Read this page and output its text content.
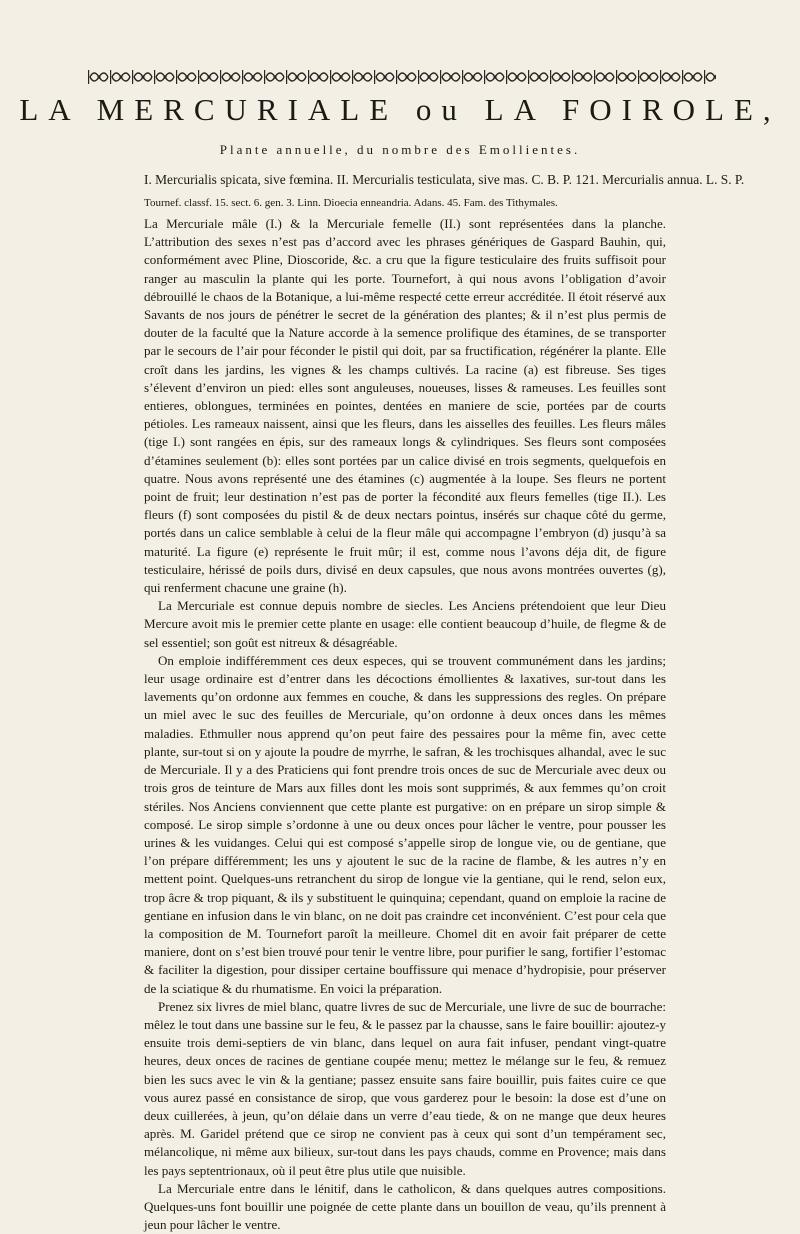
LA MERCURIALE ou LA FOIROLE,
Plante annuelle, du nombre des Emollientes.
I. Mercurialis spicata, sive fœmina. II. Mercurialis testiculata, sive mas. C. B. P. 121. Mercurialis annua. L. S. P.
Tournef. classf. 15. sect. 6. gen. 3. Linn. Dioecia enneandria. Adans. 45. Fam. des Tithymales.

La Mercuriale mâle (I.) & la Mercuriale femelle (II.) sont représentées dans la planche. L’attribution des sexes n’est pas d’accord avec les phrases génériques de Gaspard Bauhin, qui, conformément avec Pline, Dioscoride, &c. a cru que la figure testiculaire des fruits suffisoit pour ranger au masculin la plante qui les porte. Tournefort, à qui nous avons l’obligation d’avoir débrouillé le chaos de la Botanique, a lui-même respecté cette erreur accréditée. Il étoit réservé aux Savants de nos jours de pénétrer le secret de la génération des plantes; & il n’est plus permis de douter de la faculté que la Nature accorde à la semence prolifique des étamines, de se transporter par le secours de l’air pour féconder le pistil qui doit, par sa fructification, régénérer la plante. Elle croît dans les jardins, les vignes & les champs cultivés. La racine (a) est fibreuse. Ses tiges s’élevent d’environ un pied: elles sont anguleuses, noueuses, lisses & rameuses. Les feuilles sont entieres, oblongues, terminées en pointes, dentées en maniere de scie, portées par de courts pétioles. Les rameaux naissent, ainsi que les fleurs, dans les aisselles des feuilles. Les fleurs mâles (tige I.) sont rangées en épis, sur des rameaux longs & cylindriques. Ses fleurs sont composées d’étamines seulement (b): elles sont portées par un calice divisé en trois segments, quelquefois en quatre. Nous avons représenté une des étamines (c) augmentée à la loupe. Ses fleurs ne portent point de fruit; leur destination n’est pas de porter la fécondité aux fleurs femelles (tige II.). Les fleurs (f) sont composées du pistil & de deux nectars pointus, insérés sur chaque côté du germe, portés dans un calice semblable à celui de la fleur mâle qui accompagne l’embryon (d) jusqu’à sa maturité. La figure (e) représente le fruit mûr; il est, comme nous l’avons déja dit, de figure testiculaire, hérissé de poils durs, divisé en deux capsules, que nous avons montrées ouvertes (g), qui renferment chacune une graine (h).

La Mercuriale est connue depuis nombre de siecles. Les Anciens prétendoient que leur Dieu Mercure avoit mis le premier cette plante en usage: elle contient beaucoup d’huile, de flegme & de sel essentiel; son goût est nitreux & désagréable.

On emploie indifféremment ces deux especes, qui se trouvent communément dans les jardins; leur usage ordinaire est d’entrer dans les décoctions émollientes & laxatives, sur-tout dans les lavements qu’on ordonne aux femmes en couche, & dans les suppressions des regles. On prépare un miel avec le suc des feuilles de Mercuriale, qu’on ordonne à deux onces dans les mêmes maladies. Ethmuller nous apprend qu’on peut faire des pessaires pour la même fin, avec cette plante, sur-tout si on y ajoute la poudre de myrrhe, le safran, & les trochisques alhandal, avec le suc de Mercuriale. Il y a des Praticiens qui font prendre trois onces de suc de Mercuriale avec deux ou trois gros de teinture de Mars aux filles dont les mois sont supprimés, & aux femmes qu’on croit stériles. Nos Anciens conviennent que cette plante est purgative: on en prépare un sirop simple & composé. Le sirop simple s’ordonne à une ou deux onces pour lâcher le ventre, pour pousser les urines & les vuidanges. Celui qui est composé s’appelle sirop de longue vie, ou de gentiane, que l’on prépare différemment; les uns y ajoutent le suc de la racine de flambe, & les autres n’y en mettent point. Quelques-uns retranchent du sirop de longue vie la gentiane, qui le rend, selon eux, trop âcre & trop piquant, & ils y substituent le quinquina; cependant, quand on emploie la racine de gentiane en infusion dans le vin blanc, on ne doit pas craindre cet inconvénient. C’est pour cela que la composition de M. Tournefort paroît la meilleure. Chomel dit en avoir fait préparer de cette maniere, dont on s’est bien trouvé pour tenir le ventre libre, pour purifier le sang, fortifier l’estomac & faciliter la digestion, pour dissiper certaine bouffissure qui menace d’hydropisie, pour préserver de la sciatique & du rhumatisme. En voici la préparation.

Prenez six livres de miel blanc, quatre livres de suc de Mercuriale, une livre de suc de bourrache: mêlez le tout dans une bassine sur le feu, & le passez par la chausse, sans le faire bouillir: ajoutez-y ensuite trois demi-septiers de vin blanc, dans lequel on aura fait infuser, pendant vingt-quatre heures, deux onces de racines de gentiane coupée menu; mettez le mélange sur le feu, & remuez bien les sucs avec le vin & la gentiane; passez ensuite sans faire bouillir, puis faites cuire ce que vous aurez passé en consistance de sirop, que vous garderez pour le besoin: la dose est d’une on deux cuillerées, à jeun, qu’on délaie dans un verre d’eau tiede, & on ne mange que deux heures après. M. Garidel prétend que ce sirop ne convient pas à ceux qui sont d’un tempérament sec, mélancolique, ni même aux bilieux, sur-tout dans les pays chauds, comme en Provence; mais dans les pays septentrionaux, où il peut être plus utile que nuisible.

La Mercuriale entre dans le lénitif, dans le catholicon, & dans quelques autres compositions. Quelques-uns font bouillir une poignée de cette plante dans un bouillon de veau, qu’ils prennent à jeun pour lâcher le ventre.
